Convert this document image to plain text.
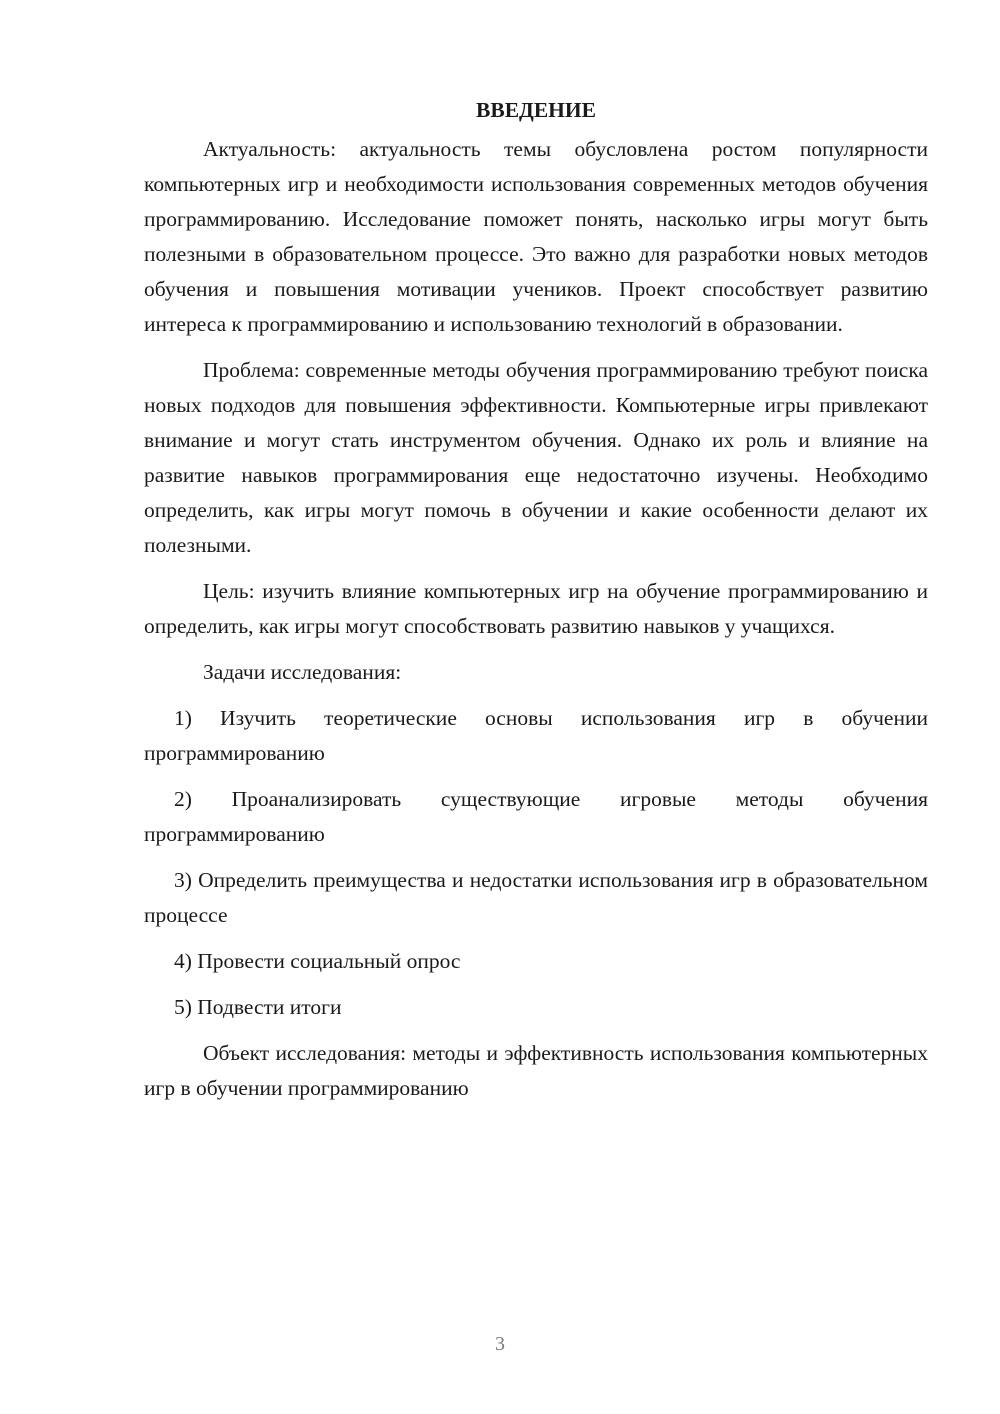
ВВЕДЕНИЕ

Актуальность: актуальность темы обусловлена ростом популярности компьютерных игр и необходимости использования современных методов обучения программированию. Исследование поможет понять, насколько игры могут быть полезными в образовательном процессе. Это важно для разработки новых методов обучения и повышения мотивации учеников. Проект способствует развитию интереса к программированию и использованию технологий в образовании.

Проблема: современные методы обучения программированию требуют поиска новых подходов для повышения эффективности. Компьютерные игры привлекают внимание и могут стать инструментом обучения. Однако их роль и влияние на развитие навыков программирования еще недостаточно изучены. Необходимо определить, как игры могут помочь в обучении и какие особенности делают их полезными.

Цель: изучить влияние компьютерных игр на обучение программированию и определить, как игры могут способствовать развитию навыков у учащихся.

Задачи исследования:

1) Изучить теоретические основы использования игр в обучении программированию

2) Проанализировать существующие игровые методы обучения программированию

3) Определить преимущества и недостатки использования игр в образовательном процессе

4) Провести социальный опрос

5) Подвести итоги

Объект исследования: методы и эффективность использования компьютерных игр в обучении программированию

3
